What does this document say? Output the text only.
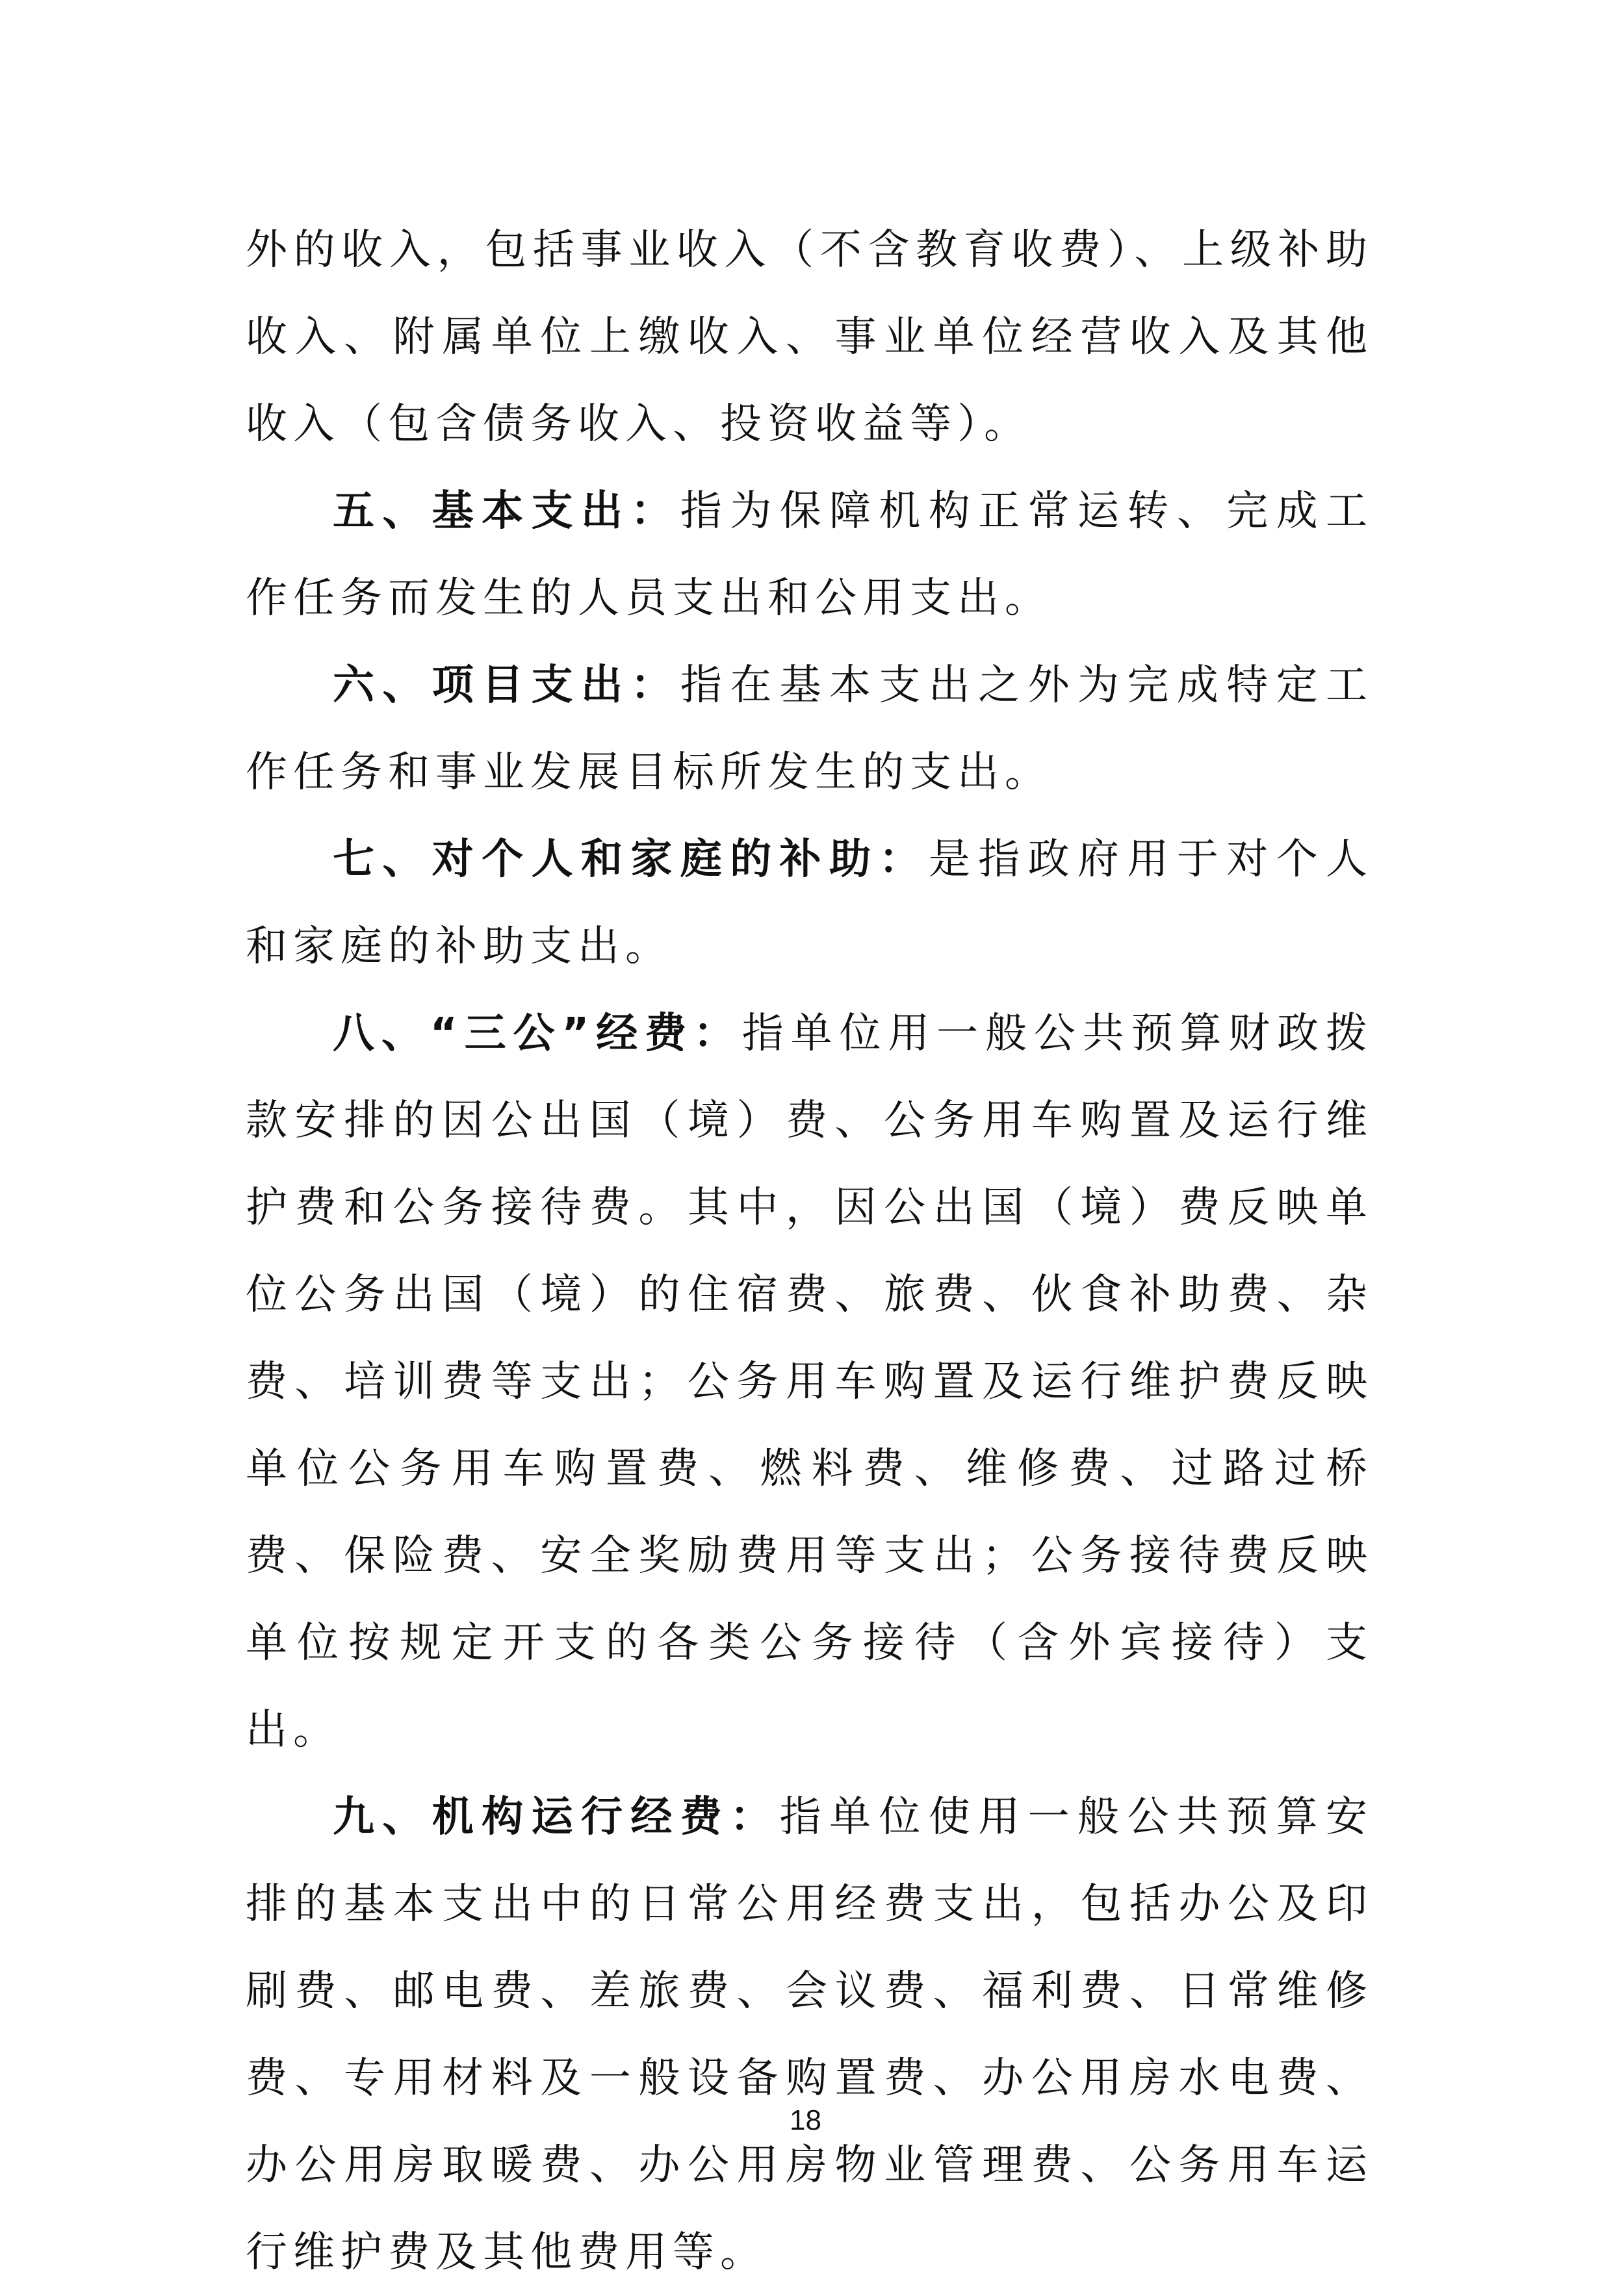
外的收入，包括事业收入（不含教育收费）、上级补助收入、附属单位上缴收入、事业单位经营收入及其他收入（包含债务收入、投资收益等）。

五、基本支出：指为保障机构正常运转、完成工作任务而发生的人员支出和公用支出。

六、项目支出：指在基本支出之外为完成特定工作任务和事业发展目标所发生的支出。

七、对个人和家庭的补助：是指政府用于对个人和家庭的补助支出。

八、“三公”经费：指单位用一般公共预算财政拨款安排的因公出国（境）费、公务用车购置及运行维护费和公务接待费。其中，因公出国（境）费反映单位公务出国（境）的住宿费、旅费、伙食补助费、杂费、培训费等支出；公务用车购置及运行维护费反映单位公务用车购置费、燃料费、维修费、过路过桥费、保险费、安全奖励费用等支出；公务接待费反映单位按规定开支的各类公务接待（含外宾接待）支出。

九、机构运行经费：指单位使用一般公共预算安排的基本支出中的日常公用经费支出，包括办公及印刷费、邮电费、差旅费、会议费、福利费、日常维修费、专用材料及一般设备购置费、办公用房水电费、办公用房取暖费、办公用房物业管理费、公务用车运行维护费及其他费用等。

18
